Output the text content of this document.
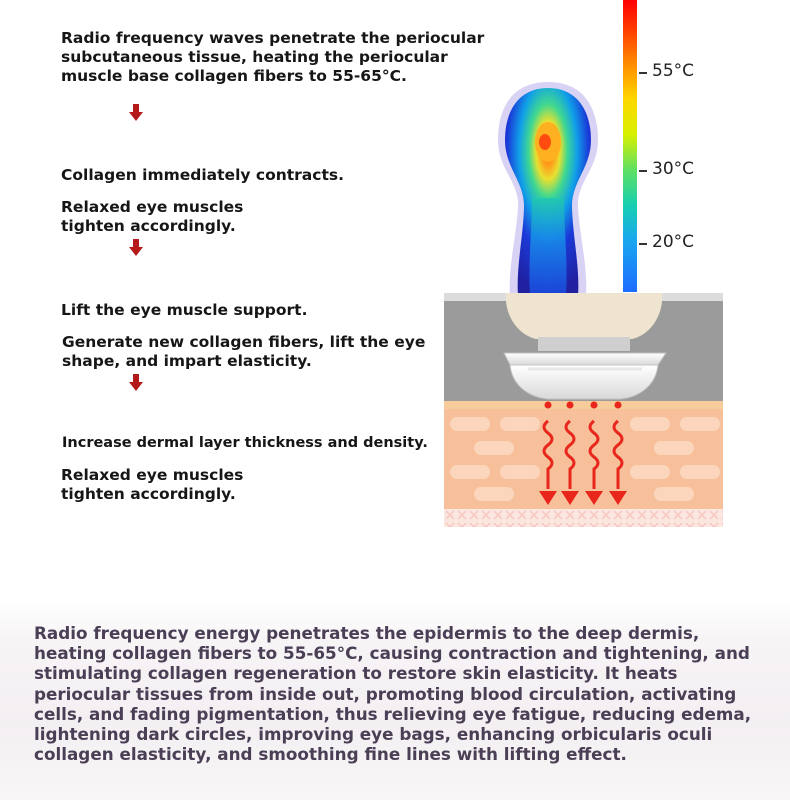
Radio frequency waves penetrate the periocular
subcutaneous tissue, heating the periocular
muscle base collagen fibers to 55-65°C.

Collagen immediately contracts.

Relaxed eye muscles
tighten accordingly.

Lift the eye muscle support.

Generate new collagen fibers, lift the eye
shape, and impart elasticity.

Increase dermal layer thickness and density.

Relaxed eye muscles
tighten accordingly.

55°C
30°C
20°C

Radio frequency energy penetrates the epidermis to the deep dermis, heating collagen fibers to 55-65°C, causing contraction and tightening, and stimulating collagen regeneration to restore skin elasticity. It heats periocular tissues from inside out, promoting blood circulation, activating cells, and fading pigmentation, thus relieving eye fatigue, reducing edema, lightening dark circles, improving eye bags, enhancing orbicularis oculi collagen elasticity, and smoothing fine lines with lifting effect.
